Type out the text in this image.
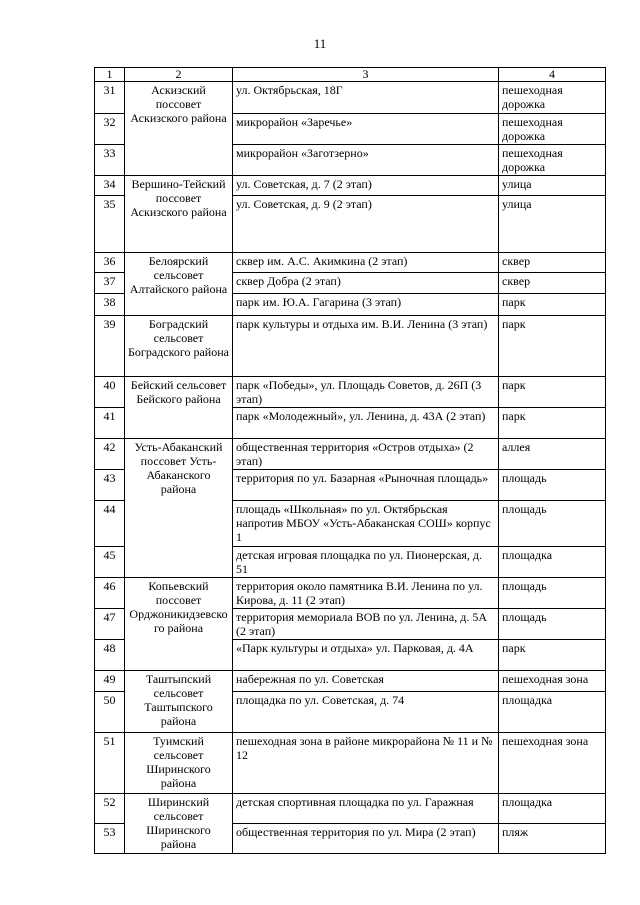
11
1	2	3	4
31	Аскизский поссовет Аскизского района	ул. Октябрьская, 18Г	пешеходная дорожка
32		микрорайон «Заречье»	пешеходная дорожка
33		микрорайон «Заготзерно»	пешеходная дорожка
34	Вершино-Тейский поссовет Аскизского района	ул. Советская, д. 7 (2 этап)	улица
35		ул. Советская, д. 9 (2 этап)	улица
36	Белоярский сельсовет Алтайского района	сквер им. А.С. Акимкина (2 этап)	сквер
37		сквер Добра (2 этап)	сквер
38		парк им. Ю.А. Гагарина (3 этап)	парк
39	Боградский сельсовет Боградского района	парк культуры и отдыха им. В.И. Ленина (3 этап)	парк
40	Бейский сельсовет Бейского района	парк «Победы», ул. Площадь Советов, д. 26П (3 этап)	парк
41		парк «Молодежный», ул. Ленина, д. 43А (2 этап)	парк
42	Усть-Абаканский поссовет Усть-Абаканского района	общественная территория «Остров отдыха» (2 этап)	аллея
43		территория по ул. Базарная «Рыночная площадь»	площадь
44		площадь «Школьная» по ул. Октябрьская напротив МБОУ «Усть-Абаканская СОШ» корпус 1	площадь
45		детская игровая площадка по ул. Пионерская, д. 51	площадка
46	Копьевский поссовет Орджоникидзевского района	территория около памятника В.И. Ленина по ул. Кирова, д. 11 (2 этап)	площадь
47		территория мемориала ВОВ по ул. Ленина, д. 5А (2 этап)	площадь
48		«Парк культуры и отдыха» ул. Парковая, д. 4А	парк
49	Таштыпский сельсовет Таштыпского района	набережная по ул. Советская	пешеходная зона
50		площадка по ул. Советская, д. 74	площадка
51	Туимский сельсовет Ширинского района	пешеходная зона в районе микрорайона № 11 и № 12	пешеходная зона
52	Ширинский сельсовет Ширинского района	детская спортивная площадка по ул. Гаражная	площадка
53		общественная территория по ул. Мира (2 этап)	пляж
